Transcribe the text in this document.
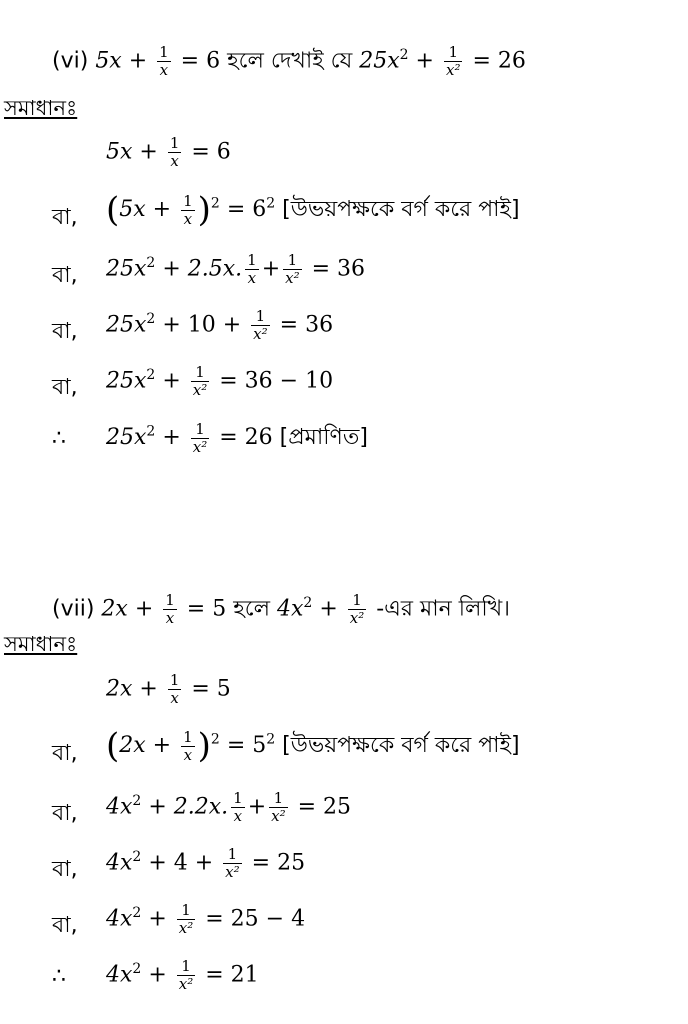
(vi) $5x + \frac{1}{x} = 6$ হলে দেখাই যে $25x^2 + \frac{1}{\text{x²}} = 26$
সমাধানঃ
$5x + \frac{1}{x} = 6$
বা, $(5x + \frac{1}{x} )^2 = 6^2$ [উভয়পক্ষকে বর্গ করে পাই]
বা, $25x^2 + 2.5x$. $\frac{1}{x} + \frac{1}{\text{x²}} = 36$
বা, $25x^2 + 10 + \frac{1}{\text{x²}} = 36$
বা, $25x^2 + \frac{1}{\text{x²}} = 36 - 10$
∴ $25x^2 + \frac{1}{\text{x²}} = 26$ [প্রমাণিত]
(vii) $2x + \frac{1}{x} = 5$ হলে $4x^2 + \frac{1}{\text{x²}}$ -এর মান লিখি।
সমাধানঃ
$2x + \frac{1}{x} = 5$
বা, $(2x + \frac{1}{x} )^2 = 5^2$ [উভয়পক্ষকে বর্গ করে পাই]
বা, $4x^2 + 2.2x$. $\frac{1}{x} + \frac{1}{\text{x²}} = 25$
বা, $4x^2 + 4 + \frac{1}{\text{x²}} = 25$
বা, $4x^2 + \frac{1}{\text{x²}} = 25 - 4$
∴ $4x^2 + \frac{1}{\text{x²}} = 21$
